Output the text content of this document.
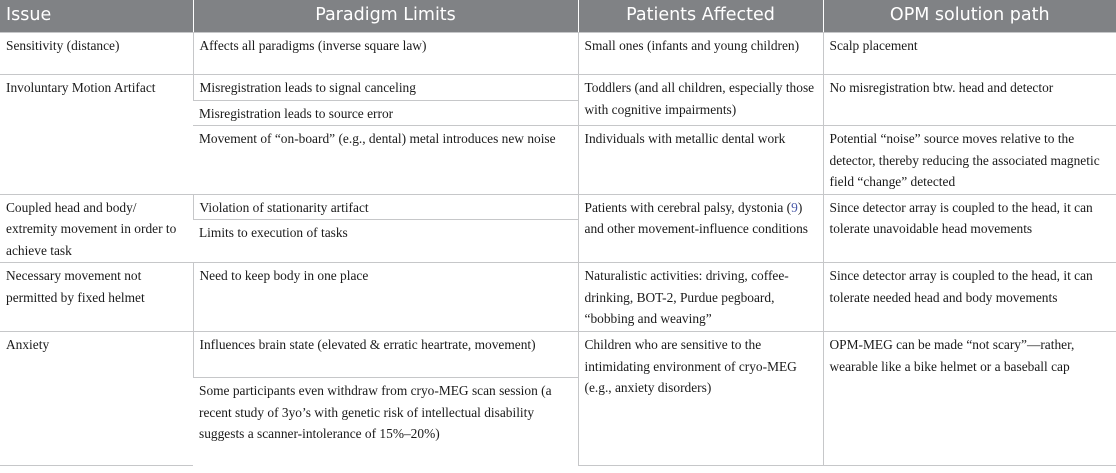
Issue	Paradigm Limits	Patients Affected	OPM solution path
Sensitivity (distance)	Affects all paradigms (inverse square law)	Small ones (infants and young children)	Scalp placement
Involuntary Motion Artifact	Misregistration leads to signal canceling	Toddlers (and all children, especially those with cognitive impairments)	No misregistration btw. head and detector
	Misregistration leads to source error		
	Movement of “on-board” (e.g., dental) metal introduces new noise	Individuals with metallic dental work	Potential “noise” source moves relative to the detector, thereby reducing the associated magnetic field “change” detected
Coupled head and body/ extremity movement in order to achieve task	Violation of stationarity artifact	Patients with cerebral palsy, dystonia (9) and other movement-influence conditions	Since detector array is coupled to the head, it can tolerate unavoidable head movements
	Limits to execution of tasks		
Necessary movement not permitted by fixed helmet	Need to keep body in one place	Naturalistic activities: driving, coffee-drinking, BOT-2, Purdue pegboard, “bobbing and weaving”	Since detector array is coupled to the head, it can tolerate needed head and body movements
Anxiety	Influences brain state (elevated & erratic heartrate, movement)	Children who are sensitive to the intimidating environment of cryo-MEG (e.g., anxiety disorders)	OPM-MEG can be made “not scary”—rather, wearable like a bike helmet or a baseball cap
	Some participants even withdraw from cryo-MEG scan session (a recent study of 3yo’s with genetic risk of intellectual disability suggests a scanner-intolerance of 15%–20%)		
